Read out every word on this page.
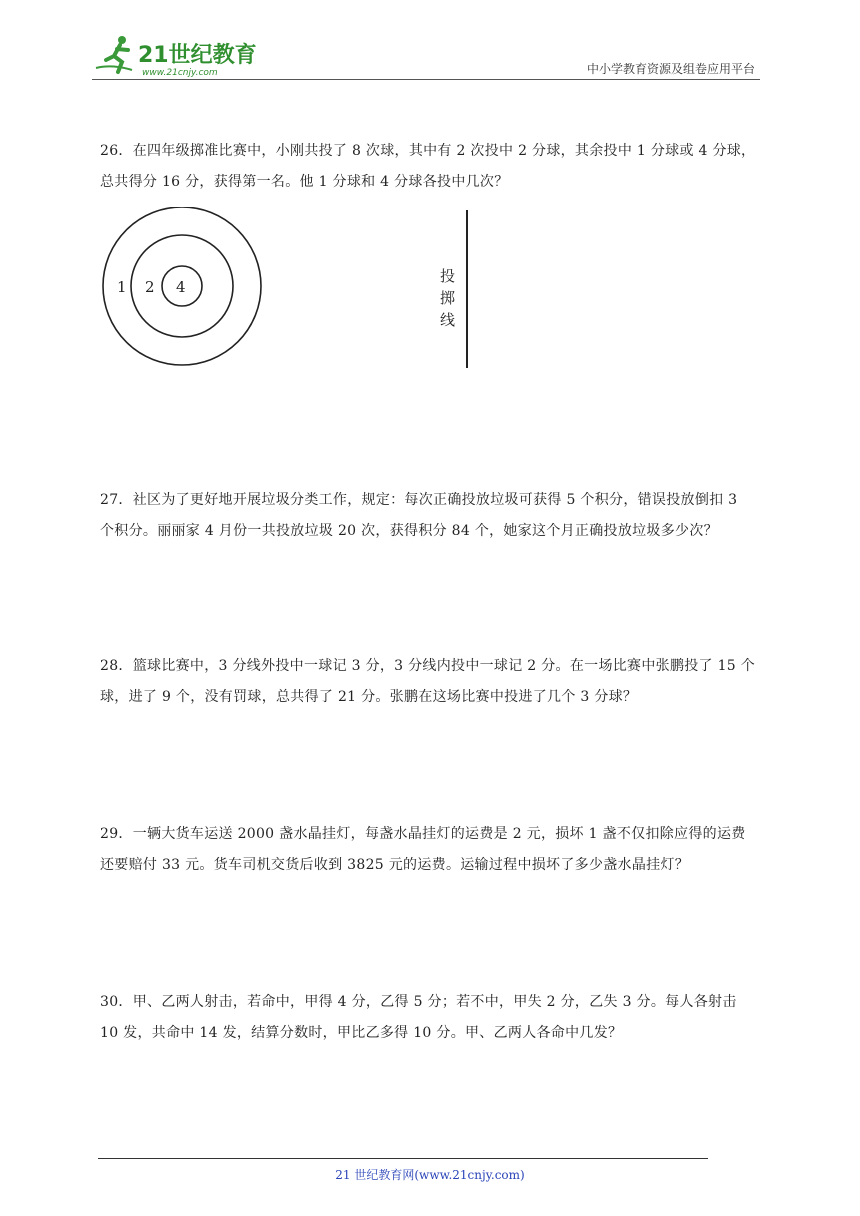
21世纪教育
www.21cnjy.com	中小学教育资源及组卷应用平台

26．在四年级掷准比赛中，小刚共投了 8 次球，其中有 2 次投中 2 分球，其余投中 1 分球或 4 分球，

总共得分 16 分，获得第一名。他 1 分球和 4 分球各投中几次？

1 2 4
投
掷
线

27．社区为了更好地开展垃圾分类工作，规定：每次正确投放垃圾可获得 5 个积分，错误投放倒扣 3

个积分。丽丽家 4 月份一共投放垃圾 20 次，获得积分 84 个，她家这个月正确投放垃圾多少次？

28．篮球比赛中，3 分线外投中一球记 3 分，3 分线内投中一球记 2 分。在一场比赛中张鹏投了 15 个

球，进了 9 个，没有罚球，总共得了 21 分。张鹏在这场比赛中投进了几个 3 分球？

29．一辆大货车运送 2000 盏水晶挂灯，每盏水晶挂灯的运费是 2 元，损坏 1 盏不仅扣除应得的运费

还要赔付 33 元。货车司机交货后收到 3825 元的运费。运输过程中损坏了多少盏水晶挂灯？

30．甲、乙两人射击，若命中，甲得 4 分，乙得 5 分；若不中，甲失 2 分，乙失 3 分。每人各射击

10 发，共命中 14 发，结算分数时，甲比乙多得 10 分。甲、乙两人各命中几发？

21 世纪教育网(www.21cnjy.com)
